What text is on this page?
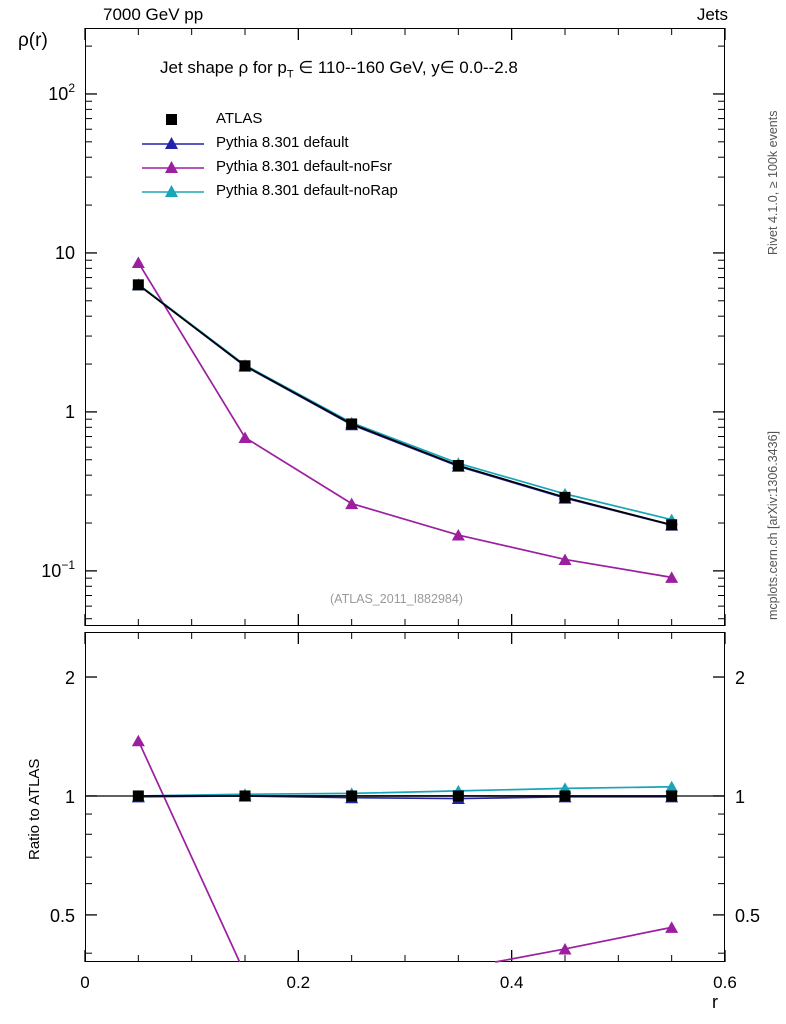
7000 GeV pp	Jets
Rivet 4.1.0, ≥ 100k events
mcplots.cern.ch [arXiv:1306.3436]
ρ(r)
Ratio to ATLAS
r
Jet shape ρ for $p_T$ ∈ 110--160 GeV, y∈ 0.0--2.8
(ATLAS_2011_I882984)
ATLAS
Pythia 8.301 default
Pythia 8.301 default-noFsr
Pythia 8.301 default-noRap
0	0.2	0.4	0.6
$10^{-1}$
1
10
$10^2$
0.5	0.5
1	1
2	2
